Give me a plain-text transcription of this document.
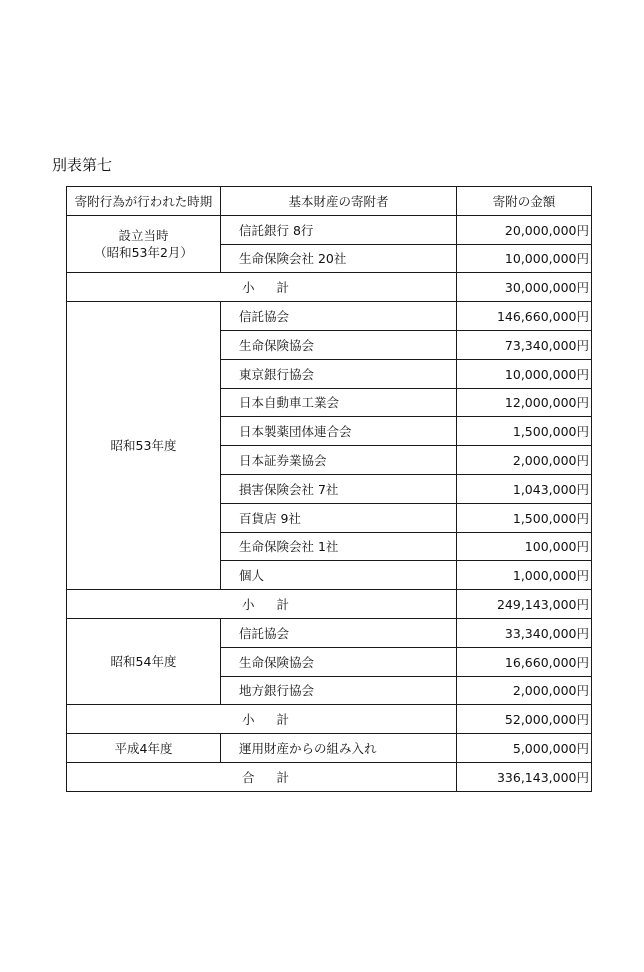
別表第七
寄附行為が行われた時期	基本財産の寄附者	寄附の金額

設立当時
（昭和53年2月）	信託銀行 8行	20,000,000円
	生命保険会社 20社	10,000,000円
小 計		30,000,000円
昭和53年度	信託協会	146,660,000円
	生命保険協会	73,340,000円
	東京銀行協会	10,000,000円
	日本自動車工業会	12,000,000円
	日本製薬団体連合会	1,500,000円
	日本証券業協会	2,000,000円
	損害保険会社 7社	1,043,000円
	百貨店 9社	1,500,000円
	生命保険会社 1社	100,000円
	個人	1,000,000円
小 計		249,143,000円
昭和54年度	信託協会	33,340,000円
	生命保険協会	16,660,000円
	地方銀行協会	2,000,000円
小 計		52,000,000円
平成4年度	運用財産からの組み入れ	5,000,000円
合 計		336,143,000円
